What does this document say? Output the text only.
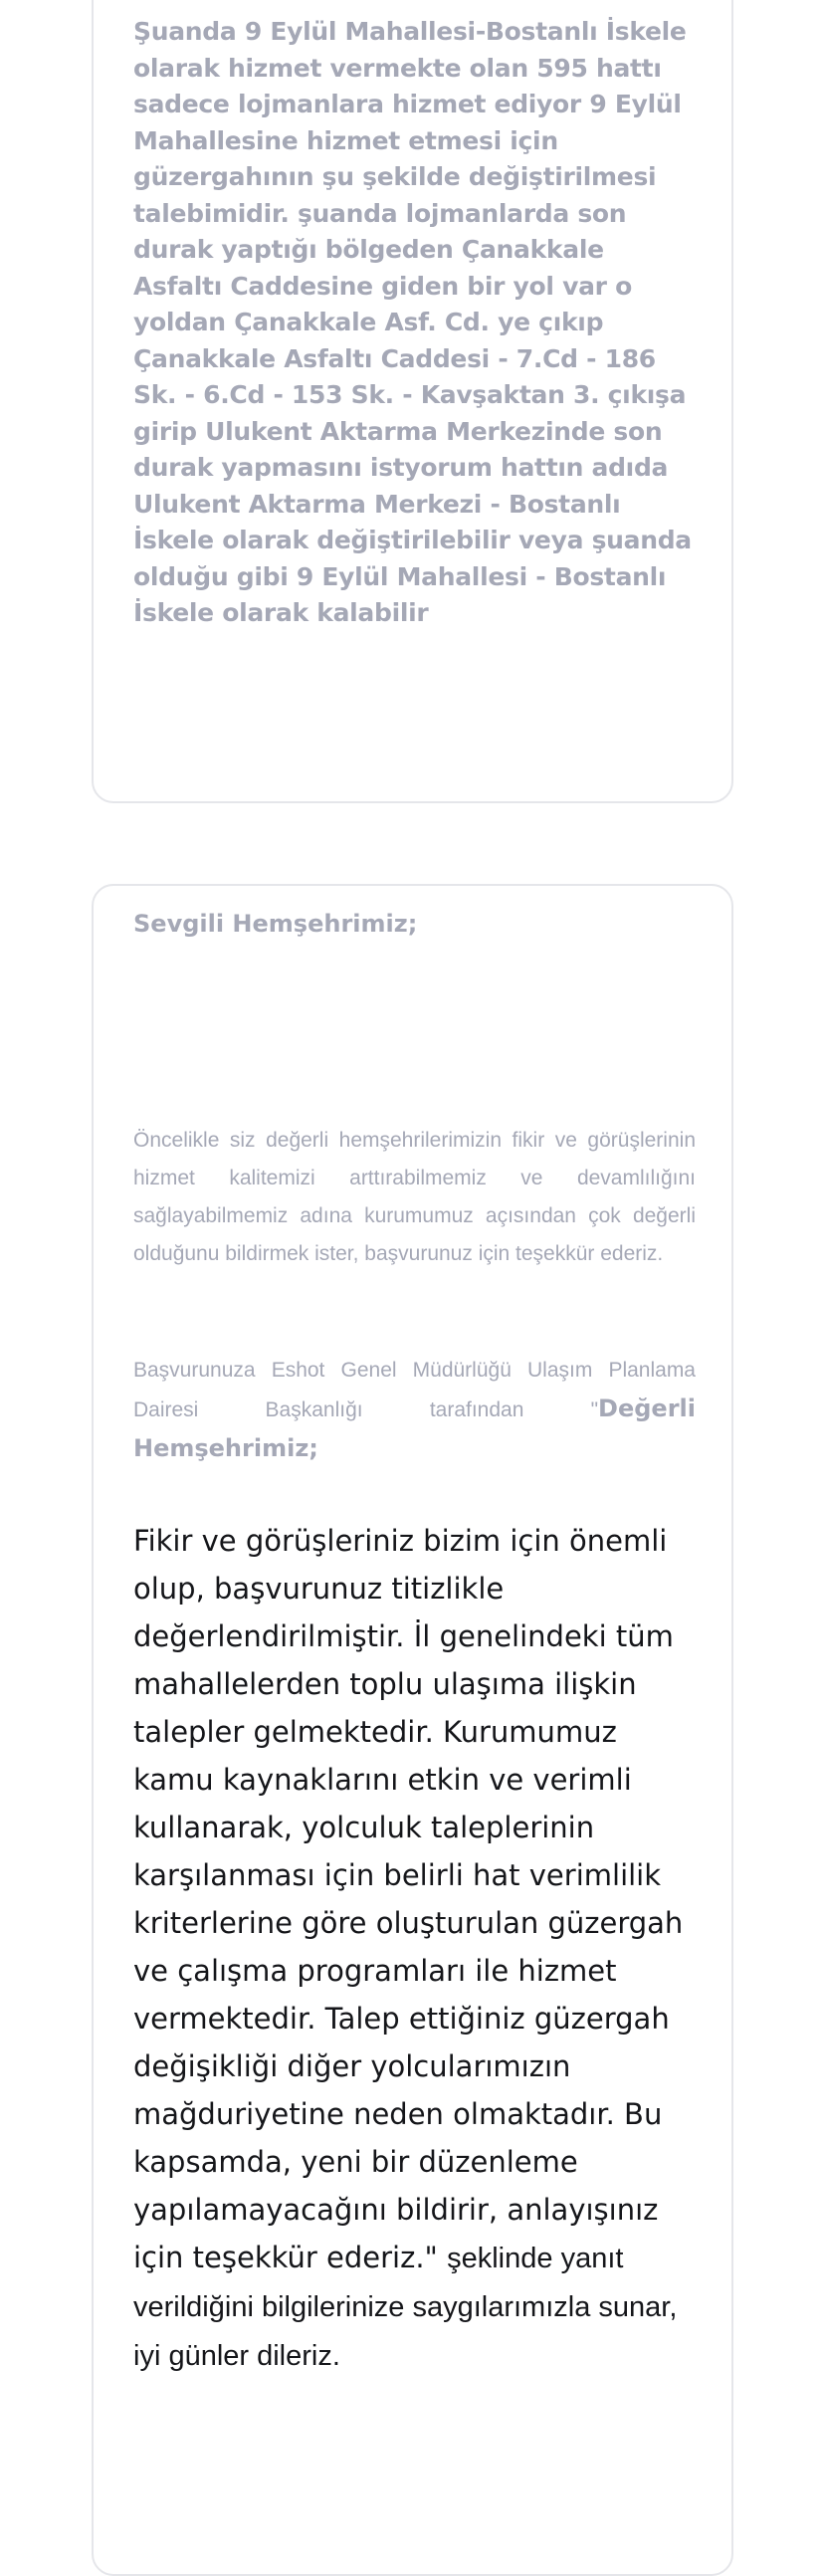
Şuanda 9 Eylül Mahallesi-Bostanlı İskele olarak hizmet vermekte olan 595 hattı sadece lojmanlara hizmet ediyor 9 Eylül Mahallesine hizmet etmesi için güzergahının şu şekilde değiştirilmesi talebimidir. şuanda lojmanlarda son durak yaptığı bölgeden Çanakkale Asfaltı Caddesine giden bir yol var o yoldan Çanakkale Asf. Cd. ye çıkıp Çanakkale Asfaltı Caddesi - 7.Cd - 186 Sk. - 6.Cd - 153 Sk. - Kavşaktan 3. çıkışa girip Ulukent Aktarma Merkezinde son durak yapmasını istyorum hattın adıda Ulukent Aktarma Merkezi - Bostanlı İskele olarak değiştirilebilir veya şuanda olduğu gibi 9 Eylül Mahallesi - Bostanlı İskele olarak kalabilir

Sevgili Hemşehrimiz;

Öncelikle siz değerli hemşehrilerimizin fikir ve görüşlerinin hizmet kalitemizi arttırabilmemiz ve devamlılığını sağlayabilmemiz adına kurumumuz açısından çok değerli olduğunu bildirmek ister, başvurunuz için teşekkür ederiz.

Başvurunuza Eshot Genel Müdürlüğü Ulaşım Planlama Dairesi Başkanlığı tarafından "Değerli Hemşehrimiz;

Fikir ve görüşleriniz bizim için önemli olup, başvurunuz titizlikle değerlendirilmiştir. İl genelindeki tüm mahallelerden toplu ulaşıma ilişkin talepler gelmektedir. Kurumumuz kamu kaynaklarını etkin ve verimli kullanarak, yolculuk taleplerinin karşılanması için belirli hat verimlilik kriterlerine göre oluşturulan güzergah ve çalışma programları ile hizmet vermektedir. Talep ettiğiniz güzergah değişikliği diğer yolcularımızın mağduriyetine neden olmaktadır. Bu kapsamda, yeni bir düzenleme yapılamayacağını bildirir, anlayışınız için teşekkür ederiz." şeklinde yanıt verildiğini bilgilerinize saygılarımızla sunar, iyi günler dileriz.
